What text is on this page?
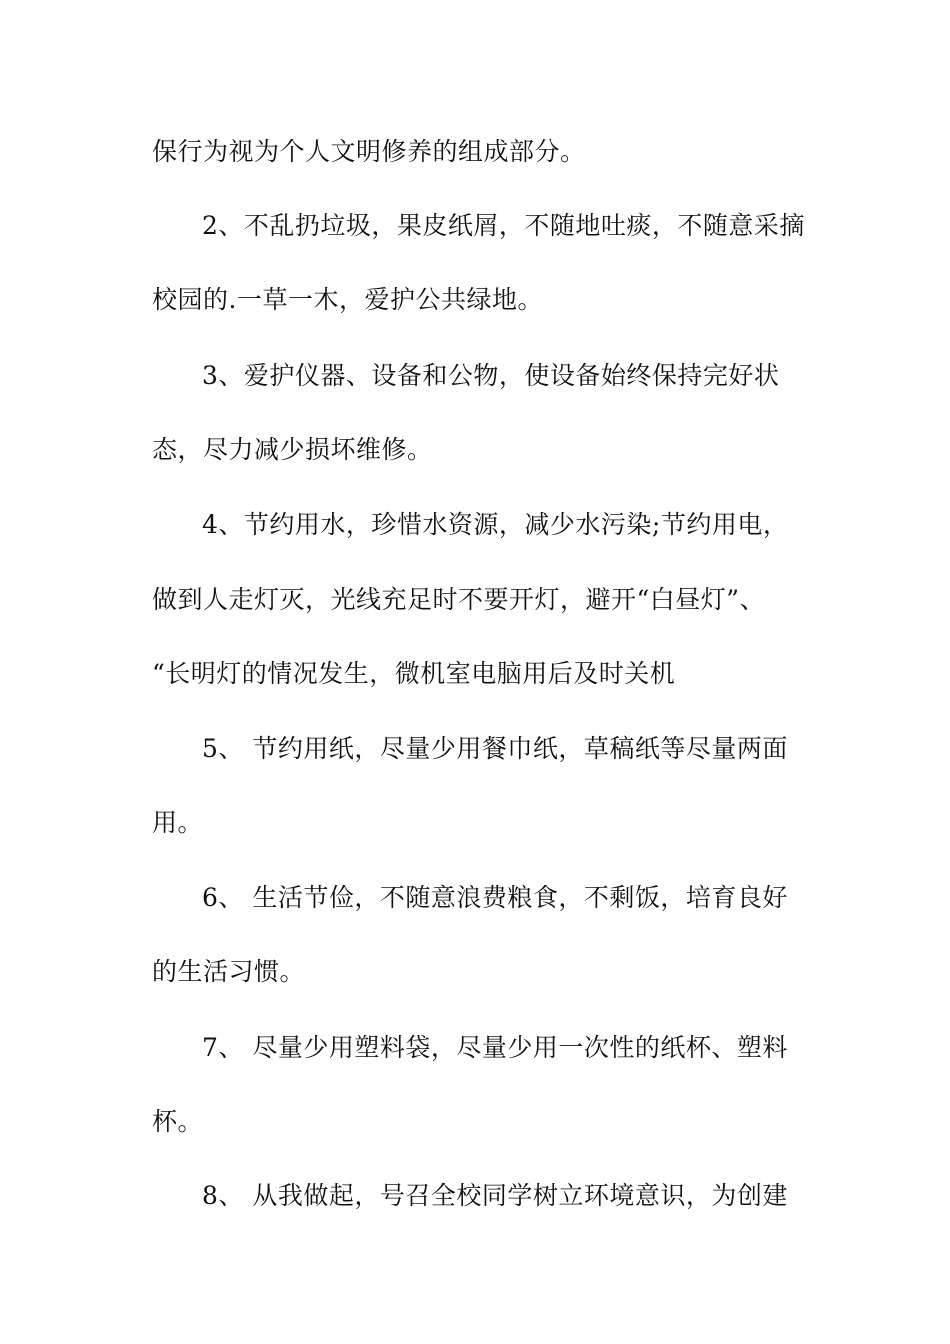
保行为视为个人文明修养的组成部分。
2、不乱扔垃圾，果皮纸屑，不随地吐痰，不随意采摘
校园的.一草一木，爱护公共绿地。
3、爱护仪器、设备和公物，使设备始终保持完好状
态，尽力减少损坏维修。
4、节约用水，珍惜水资源，减少水污染;节约用电，
做到人走灯灭，光线充足时不要开灯，避开“白昼灯”、
“长明灯的情况发生，微机室电脑用后及时关机
5、 节约用纸，尽量少用餐巾纸，草稿纸等尽量两面
用。
6、 生活节俭，不随意浪费粮食，不剩饭，培育良好
的生活习惯。
7、 尽量少用塑料袋，尽量少用一次性的纸杯、塑料
杯。
8、 从我做起，号召全校同学树立环境意识，为创建
